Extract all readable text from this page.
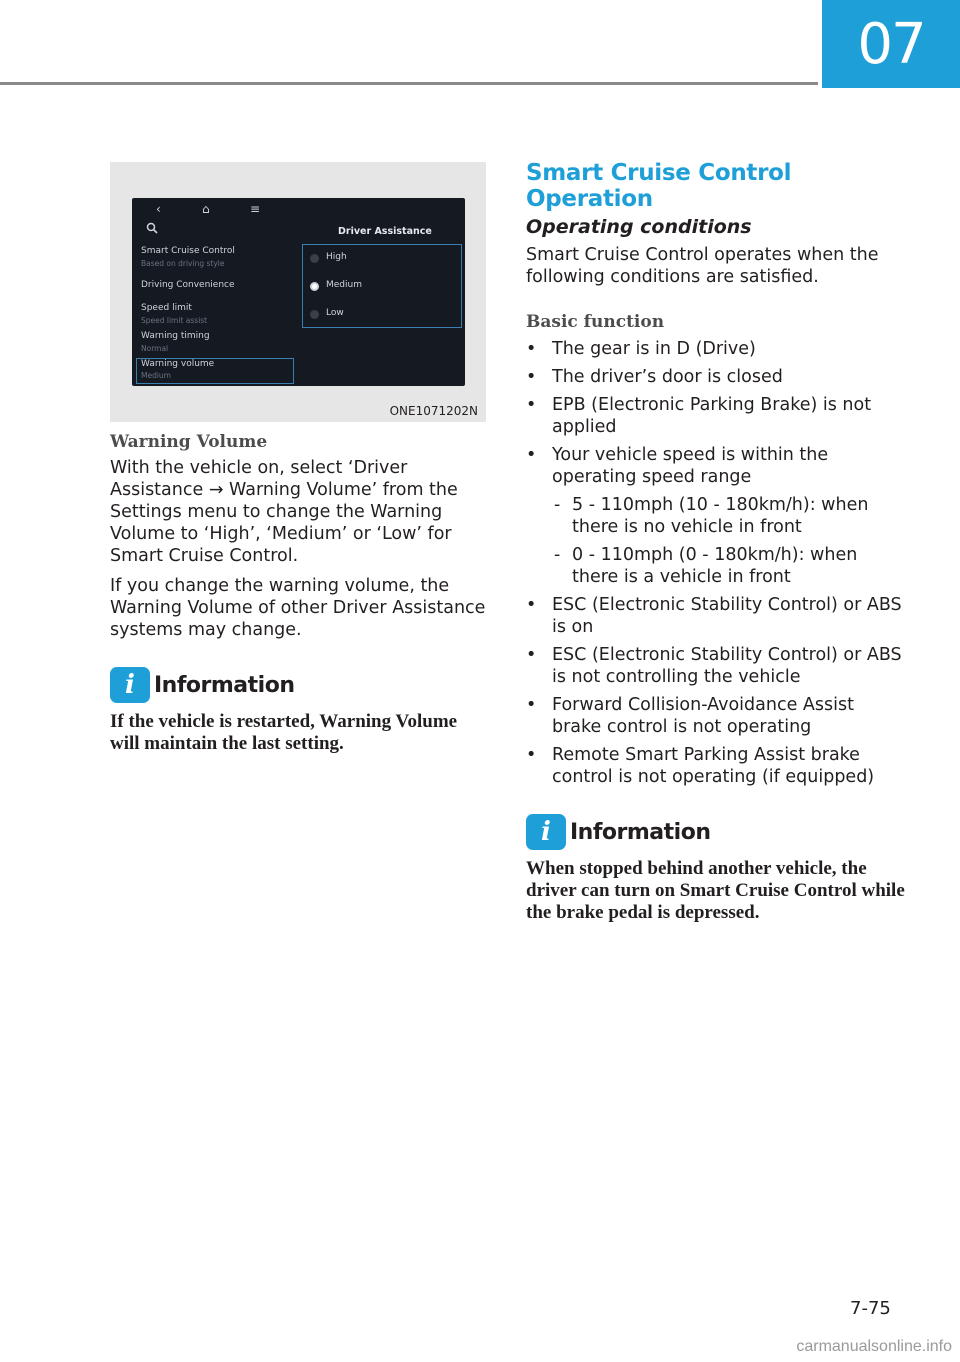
07
‹	⌂	≡
Smart Cruise Control
Based on driving style
Driving Convenience
Speed limit
Speed limit assist
Warning timing
Normal
Warning volume
Medium
Driver Assistance
High
Medium
Low
ONE1071202N
Warning Volume

With the vehicle on, select ‘Driver Assistance → Warning Volume’ from the Settings menu to change the Warning Volume to ‘High’, ‘Medium’ or ‘Low’ for Smart Cruise Control.

If you change the warning volume, the Warning Volume of other Driver Assistance systems may change.

i Information

If the vehicle is restarted, Warning Volume will maintain the last setting.

Smart Cruise Control Operation
Operating conditions

Smart Cruise Control operates when the following conditions are satisfied.

Basic function
• The gear is in D (Drive)
• The driver’s door is closed
• EPB (Electronic Parking Brake) is not applied
• Your vehicle speed is within the operating speed range
- 5 - 110mph (10 - 180km/h): when there is no vehicle in front
- 0 - 110mph (0 - 180km/h): when there is a vehicle in front
• ESC (Electronic Stability Control) or ABS is on
• ESC (Electronic Stability Control) or ABS is not controlling the vehicle
• Forward Collision-Avoidance Assist brake control is not operating
• Remote Smart Parking Assist brake control is not operating (if equipped)
i Information

When stopped behind another vehicle, the driver can turn on Smart Cruise Control while the brake pedal is depressed.

7-75
carmanualsonline.info
